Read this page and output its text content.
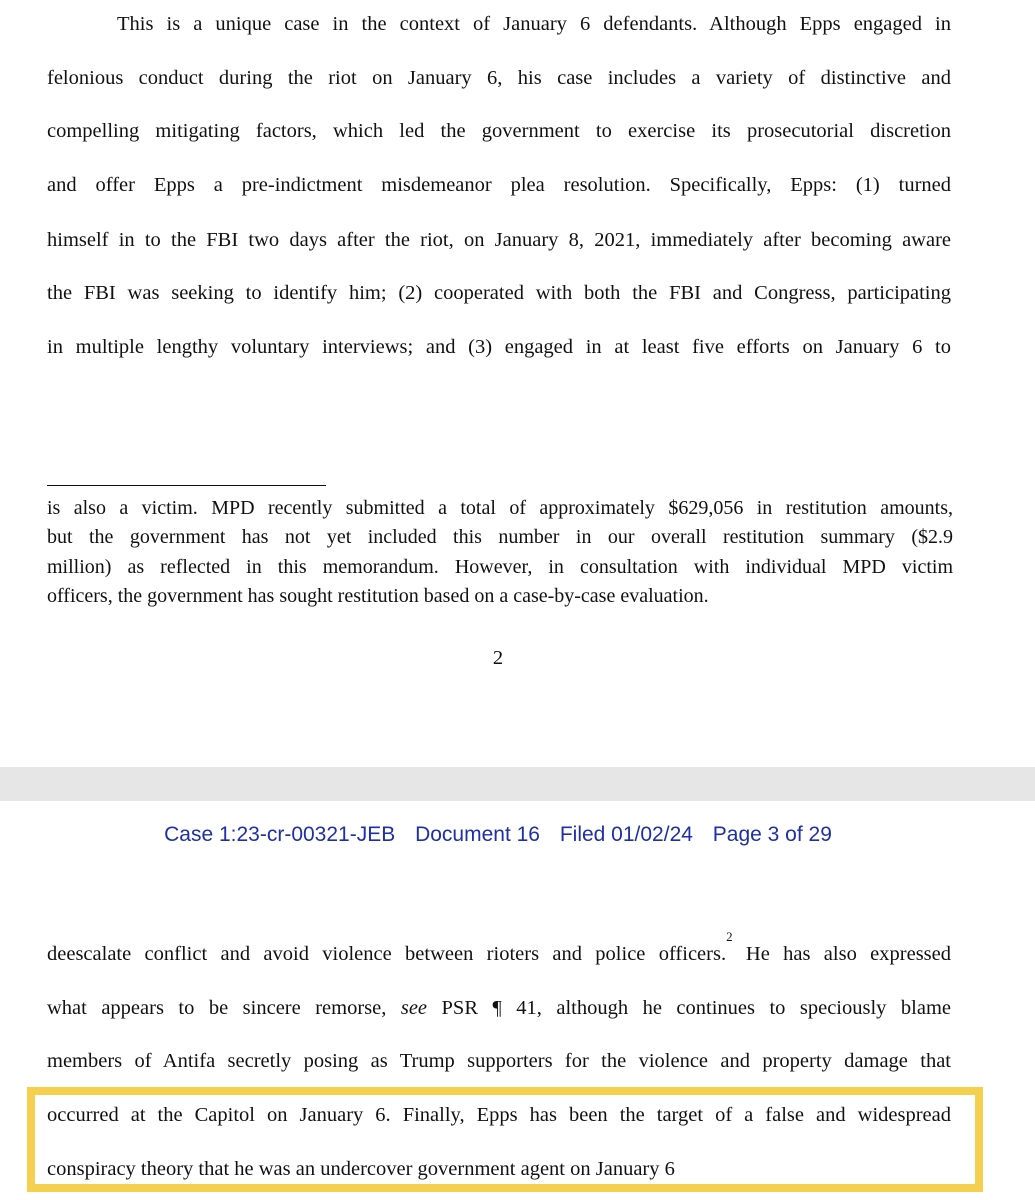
This is a unique case in the context of January 6 defendants. Although Epps engaged in
felonious conduct during the riot on January 6, his case includes a variety of distinctive and
compelling mitigating factors, which led the government to exercise its prosecutorial discretion
and offer Epps a pre-indictment misdemeanor plea resolution. Specifically, Epps: (1) turned
himself in to the FBI two days after the riot, on January 8, 2021, immediately after becoming aware
the FBI was seeking to identify him; (2) cooperated with both the FBI and Congress, participating
in multiple lengthy voluntary interviews; and (3) engaged in at least five efforts on January 6 to
is also a victim. MPD recently submitted a total of approximately $629,056 in restitution amounts,
but the government has not yet included this number in our overall restitution summary ($2.9
million) as reflected in this memorandum. However, in consultation with individual MPD victim
officers, the government has sought restitution based on a case-by-case evaluation.
2
Case 1:23-cr-00321-JEB Document 16 Filed 01/02/24 Page 3 of 29
deescalate conflict and avoid violence between rioters and police officers.$^2$ He has also expressed
what appears to be sincere remorse, see PSR ¶ 41, although he continues to speciously blame
members of Antifa secretly posing as Trump supporters for the violence and property damage that
occurred at the Capitol on January 6. Finally, Epps has been the target of a false and widespread
conspiracy theory that he was an undercover government agent on January 6
